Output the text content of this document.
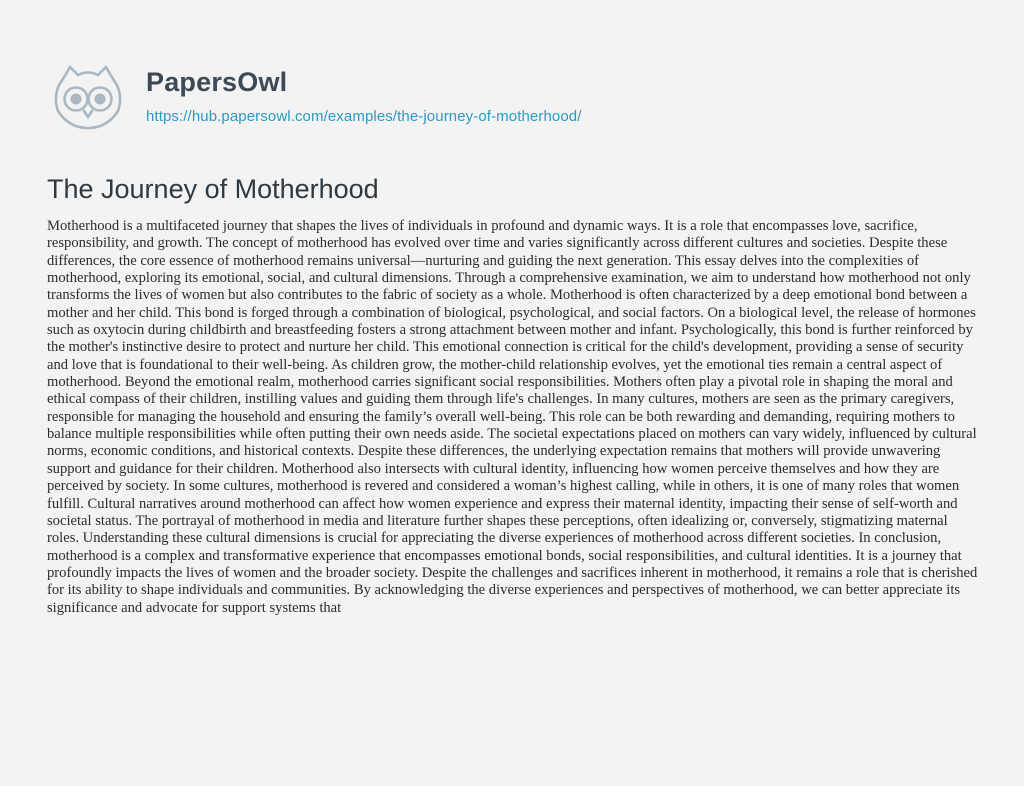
PapersOwl
https://hub.papersowl.com/examples/the-journey-of-motherhood/
The Journey of Motherhood

Motherhood is a multifaceted journey that shapes the lives of individuals in profound and dynamic ways. It is a role that encompasses love, sacrifice, responsibility, and growth. The concept of motherhood has evolved over time and varies significantly across different cultures and societies. Despite these differences, the core essence of motherhood remains universal—nurturing and guiding the next generation. This essay delves into the complexities of motherhood, exploring its emotional, social, and cultural dimensions. Through a comprehensive examination, we aim to understand how motherhood not only transforms the lives of women but also contributes to the fabric of society as a whole. Motherhood is often characterized by a deep emotional bond between a mother and her child. This bond is forged through a combination of biological, psychological, and social factors. On a biological level, the release of hormones such as oxytocin during childbirth and breastfeeding fosters a strong attachment between mother and infant. Psychologically, this bond is further reinforced by the mother's instinctive desire to protect and nurture her child. This emotional connection is critical for the child's development, providing a sense of security and love that is foundational to their well-being. As children grow, the mother-child relationship evolves, yet the emotional ties remain a central aspect of motherhood. Beyond the emotional realm, motherhood carries significant social responsibilities. Mothers often play a pivotal role in shaping the moral and ethical compass of their children, instilling values and guiding them through life's challenges. In many cultures, mothers are seen as the primary caregivers, responsible for managing the household and ensuring the family’s overall well-being. This role can be both rewarding and demanding, requiring mothers to balance multiple responsibilities while often putting their own needs aside. The societal expectations placed on mothers can vary widely, influenced by cultural norms, economic conditions, and historical contexts. Despite these differences, the underlying expectation remains that mothers will provide unwavering support and guidance for their children. Motherhood also intersects with cultural identity, influencing how women perceive themselves and how they are perceived by society. In some cultures, motherhood is revered and considered a woman’s highest calling, while in others, it is one of many roles that women fulfill. Cultural narratives around motherhood can affect how women experience and express their maternal identity, impacting their sense of self-worth and societal status. The portrayal of motherhood in media and literature further shapes these perceptions, often idealizing or, conversely, stigmatizing maternal roles. Understanding these cultural dimensions is crucial for appreciating the diverse experiences of motherhood across different societies. In conclusion, motherhood is a complex and transformative experience that encompasses emotional bonds, social responsibilities, and cultural identities. It is a journey that profoundly impacts the lives of women and the broader society. Despite the challenges and sacrifices inherent in motherhood, it remains a role that is cherished for its ability to shape individuals and communities. By acknowledging the diverse experiences and perspectives of motherhood, we can better appreciate its significance and advocate for support systems that
